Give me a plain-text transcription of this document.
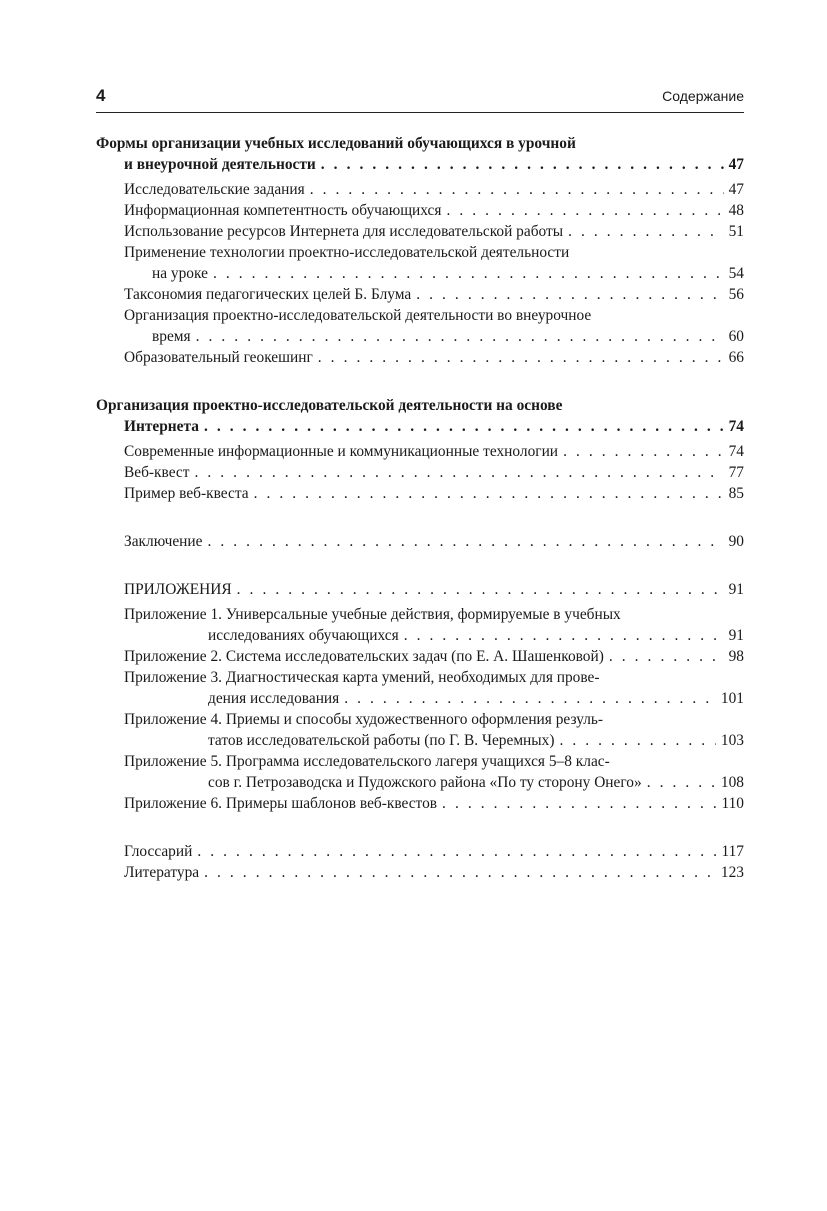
4	Содержание
Формы организации учебных исследований обучающихся в урочной
и внеурочной деятельности . . .	47
Исследовательские задания . . .	47
Информационная компетентность обучающихся . . .	48
Использование ресурсов Интернета для исследовательской работы . . .	51
Применение технологии проектно-исследовательской деятельности
на уроке . . .	54
Таксономия педагогических целей Б. Блума . . .	56
Организация проектно-исследовательской деятельности во внеурочное
время . . .	60
Образовательный геокешинг . . .	66
Организация проектно-исследовательской деятельности на основе
Интернета . . .	74
Современные информационные и коммуникационные технологии . . .	74
Веб-квест . . .	77
Пример веб-квеста . . .	85
Заключение . . .	90
ПРИЛОЖЕНИЯ . . .	91
Приложение 1. Универсальные учебные действия, формируемые в учебных
исследованиях обучающихся . . .	91
Приложение 2. Система исследовательских задач (по Е. А. Шашенковой) . . .	98
Приложение 3. Диагностическая карта умений, необходимых для прове-
дения исследования . . .	101
Приложение 4. Приемы и способы художественного оформления резуль-
татов исследовательской работы (по Г. В. Черемных) . . .	103
Приложение 5. Программа исследовательского лагеря учащихся 5–8 клас-
сов г. Петрозаводска и Пудожского района «По ту сторону Онего» . . .	108
Приложение 6. Примеры шаблонов веб-квестов . . .	110
Глоссарий . . .	117
Литература . . .	123
